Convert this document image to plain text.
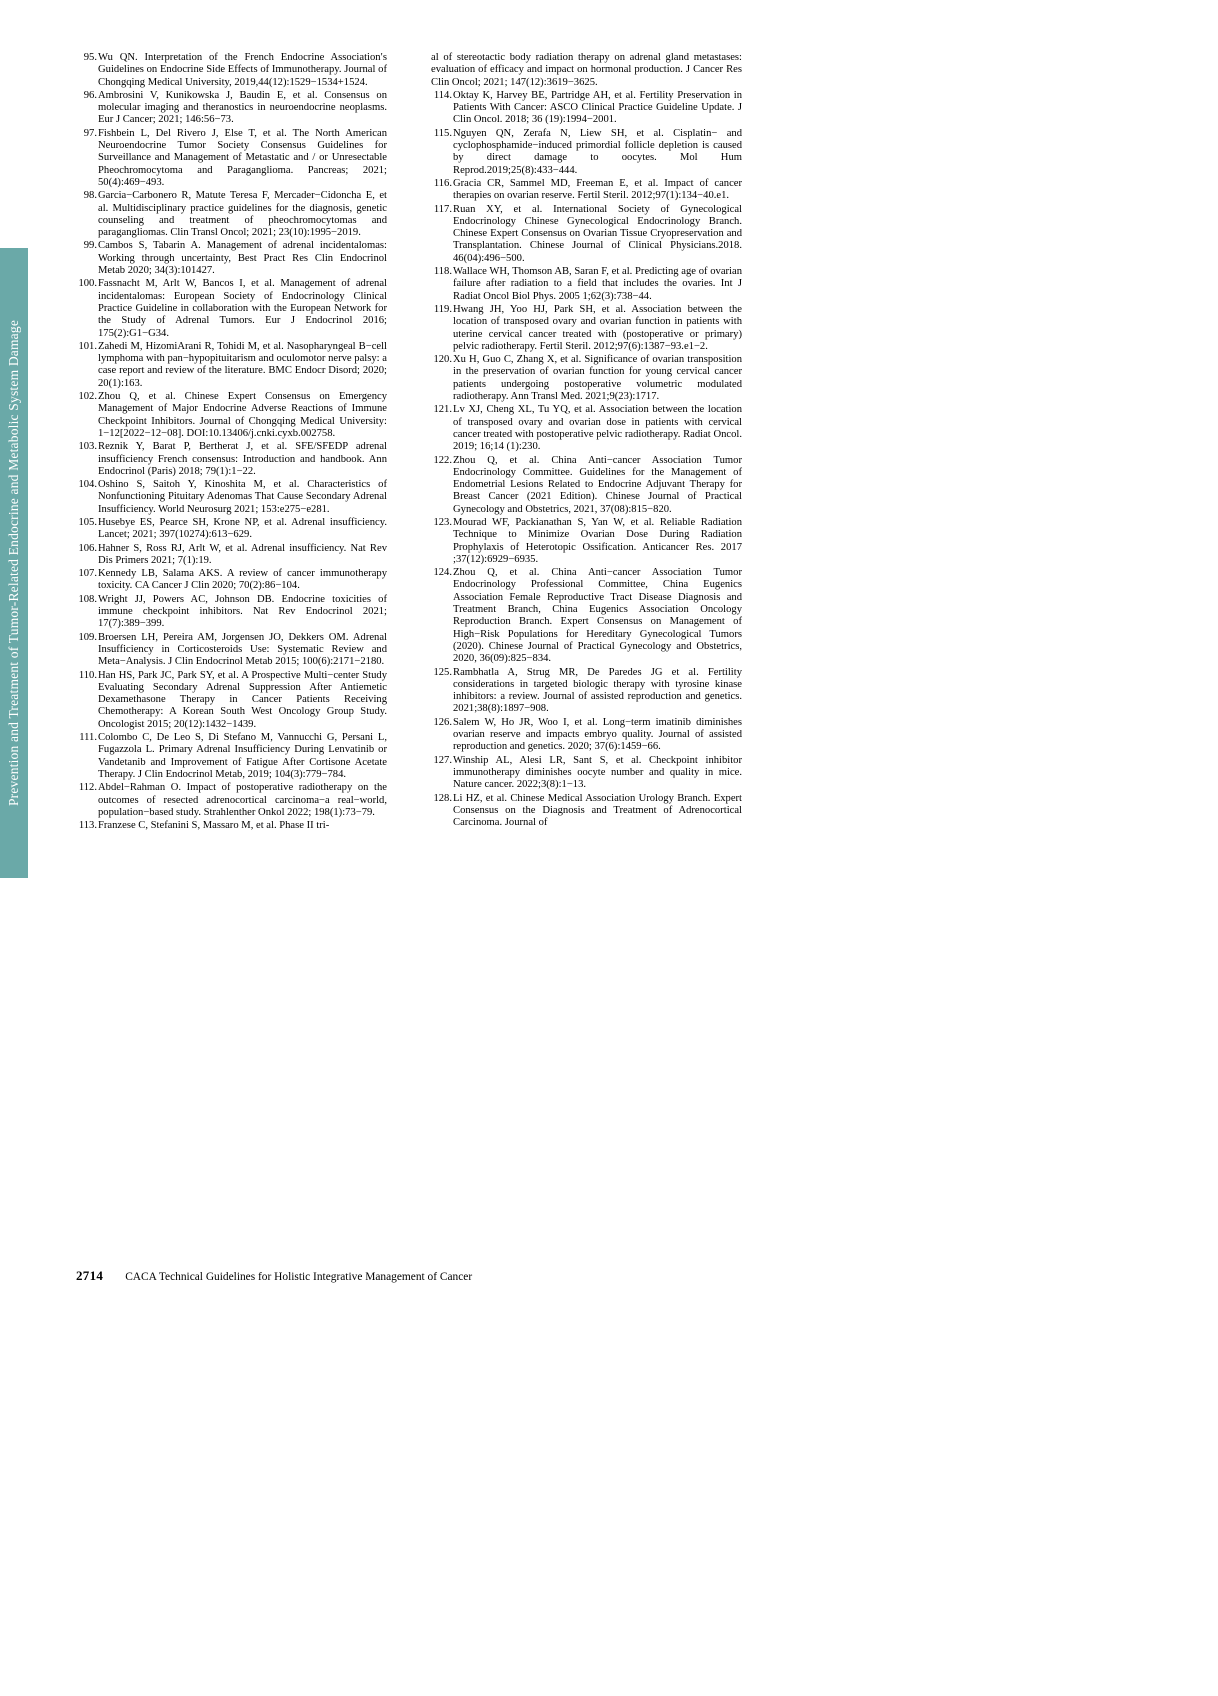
Prevention and Treatment of Tumor-Related Endocrine and Metabolic System Damage
95. Wu QN. Interpretation of the French Endocrine Association′s Guidelines on Endocrine Side Effects of Immunotherapy. Journal of Chongqing Medical University, 2019,44(12):1529−1534+1524.
96. Ambrosini V, Kunikowska J, Baudin E, et al. Consensus on molecular imaging and theranostics in neuroendocrine neoplasms. Eur J Cancer; 2021; 146:56−73.
97. Fishbein L, Del Rivero J, Else T, et al. The North American Neuroendocrine Tumor Society Consensus Guidelines for Surveillance and Management of Metastatic and / or Unresectable Pheochromocytoma and Paraganglioma. Pancreas; 2021; 50(4):469−493.
98. Garcia−Carbonero R, Matute Teresa F, Mercader−Cidoncha E, et al. Multidisciplinary practice guidelines for the diagnosis, genetic counseling and treatment of pheochromocytomas and paragangliomas. Clin Transl Oncol; 2021; 23(10):1995−2019.
99. Cambos S, Tabarin A. Management of adrenal incidentalomas: Working through uncertainty, Best Pract Res Clin Endocrinol Metab 2020; 34(3):101427.
100. Fassnacht M, Arlt W, Bancos I, et al. Management of adrenal incidentalomas: European Society of Endocrinology Clinical Practice Guideline in collaboration with the European Network for the Study of Adrenal Tumors. Eur J Endocrinol 2016; 175(2):G1−G34.
101. Zahedi M, HizomiArani R, Tohidi M, et al. Nasopharyngeal B−cell lymphoma with pan−hypopituitarism and oculomotor nerve palsy: a case report and review of the literature. BMC Endocr Disord; 2020; 20(1):163.
102. Zhou Q, et al. Chinese Expert Consensus on Emergency Management of Major Endocrine Adverse Reactions of Immune Checkpoint Inhibitors. Journal of Chongqing Medical University: 1−12[2022−12−08]. DOI:10.13406/j.cnki.cyxb.002758.
103. Reznik Y, Barat P, Bertherat J, et al. SFE/SFEDP adrenal insufficiency French consensus: Introduction and handbook. Ann Endocrinol (Paris) 2018; 79(1):1−22.
104. Oshino S, Saitoh Y, Kinoshita M, et al. Characteristics of Nonfunctioning Pituitary Adenomas That Cause Secondary Adrenal Insufficiency. World Neurosurg 2021; 153:e275−e281.
105. Husebye ES, Pearce SH, Krone NP, et al. Adrenal insufficiency. Lancet; 2021; 397(10274):613−629.
106. Hahner S, Ross RJ, Arlt W, et al. Adrenal insufficiency. Nat Rev Dis Primers 2021; 7(1):19.
107. Kennedy LB, Salama AKS. A review of cancer immunotherapy toxicity. CA Cancer J Clin 2020; 70(2):86−104.
108. Wright JJ, Powers AC, Johnson DB. Endocrine toxicities of immune checkpoint inhibitors. Nat Rev Endocrinol 2021; 17(7):389−399.
109. Broersen LH, Pereira AM, Jorgensen JO, Dekkers OM. Adrenal Insufficiency in Corticosteroids Use: Systematic Review and Meta−Analysis. J Clin Endocrinol Metab 2015; 100(6):2171−2180.
110. Han HS, Park JC, Park SY, et al. A Prospective Multi−center Study Evaluating Secondary Adrenal Suppression After Antiemetic Dexamethasone Therapy in Cancer Patients Receiving Chemotherapy: A Korean South West Oncology Group Study. Oncologist 2015; 20(12):1432−1439.
111. Colombo C, De Leo S, Di Stefano M, Vannucchi G, Persani L, Fugazzola L. Primary Adrenal Insufficiency During Lenvatinib or Vandetanib and Improvement of Fatigue After Cortisone Acetate Therapy. J Clin Endocrinol Metab, 2019; 104(3):779−784.
112. Abdel−Rahman O. Impact of postoperative radiotherapy on the outcomes of resected adrenocortical carcinoma−a real−world, population−based study. Strahlenther Onkol 2022; 198(1):73−79.
113. Franzese C, Stefanini S, Massaro M, et al. Phase II tri-
al of stereotactic body radiation therapy on adrenal gland metastases: evaluation of efficacy and impact on hormonal production. J Cancer Res Clin Oncol; 2021; 147(12):3619−3625.
114. Oktay K, Harvey BE, Partridge AH, et al. Fertility Preservation in Patients With Cancer: ASCO Clinical Practice Guideline Update. J Clin Oncol. 2018; 36 (19):1994−2001.
115. Nguyen QN, Zerafa N, Liew SH, et al. Cisplatin− and cyclophosphamide−induced primordial follicle depletion is caused by direct damage to oocytes. Mol Hum Reprod.2019;25(8):433−444.
116. Gracia CR, Sammel MD, Freeman E, et al. Impact of cancer therapies on ovarian reserve. Fertil Steril. 2012;97(1):134−40.e1.
117. Ruan XY, et al. International Society of Gynecological Endocrinology Chinese Gynecological Endocrinology Branch. Chinese Expert Consensus on Ovarian Tissue Cryopreservation and Transplantation. Chinese Journal of Clinical Physicians.2018. 46(04):496−500.
118. Wallace WH, Thomson AB, Saran F, et al. Predicting age of ovarian failure after radiation to a field that includes the ovaries. Int J Radiat Oncol Biol Phys. 2005 1;62(3):738−44.
119. Hwang JH, Yoo HJ, Park SH, et al. Association between the location of transposed ovary and ovarian function in patients with uterine cervical cancer treated with (postoperative or primary) pelvic radiotherapy. Fertil Steril. 2012;97(6):1387−93.e1−2.
120. Xu H, Guo C, Zhang X, et al. Significance of ovarian transposition in the preservation of ovarian function for young cervical cancer patients undergoing postoperative volumetric modulated radiotherapy. Ann Transl Med. 2021;9(23):1717.
121. Lv XJ, Cheng XL, Tu YQ, et al. Association between the location of transposed ovary and ovarian dose in patients with cervical cancer treated with postoperative pelvic radiotherapy. Radiat Oncol. 2019; 16;14 (1):230.
122. Zhou Q, et al. China Anti−cancer Association Tumor Endocrinology Committee. Guidelines for the Management of Endometrial Lesions Related to Endocrine Adjuvant Therapy for Breast Cancer (2021 Edition). Chinese Journal of Practical Gynecology and Obstetrics, 2021, 37(08):815−820.
123. Mourad WF, Packianathan S, Yan W, et al. Reliable Radiation Technique to Minimize Ovarian Dose During Radiation Prophylaxis of Heterotopic Ossification. Anticancer Res. 2017 ;37(12):6929−6935.
124. Zhou Q, et al. China Anti−cancer Association Tumor Endocrinology Professional Committee, China Eugenics Association Female Reproductive Tract Disease Diagnosis and Treatment Branch, China Eugenics Association Oncology Reproduction Branch. Expert Consensus on Management of High−Risk Populations for Hereditary Gynecological Tumors (2020). Chinese Journal of Practical Gynecology and Obstetrics, 2020, 36(09):825−834.
125. Rambhatla A, Strug MR, De Paredes JG et al. Fertility considerations in targeted biologic therapy with tyrosine kinase inhibitors: a review. Journal of assisted reproduction and genetics. 2021;38(8):1897−908.
126. Salem W, Ho JR, Woo I, et al. Long−term imatinib diminishes ovarian reserve and impacts embryo quality. Journal of assisted reproduction and genetics. 2020; 37(6):1459−66.
127. Winship AL, Alesi LR, Sant S, et al. Checkpoint inhibitor immunotherapy diminishes oocyte number and quality in mice. Nature cancer. 2022;3(8):1−13.
128. Li HZ, et al. Chinese Medical Association Urology Branch. Expert Consensus on the Diagnosis and Treatment of Adrenocortical Carcinoma. Journal of
2714 CACA Technical Guidelines for Holistic Integrative Management of Cancer
